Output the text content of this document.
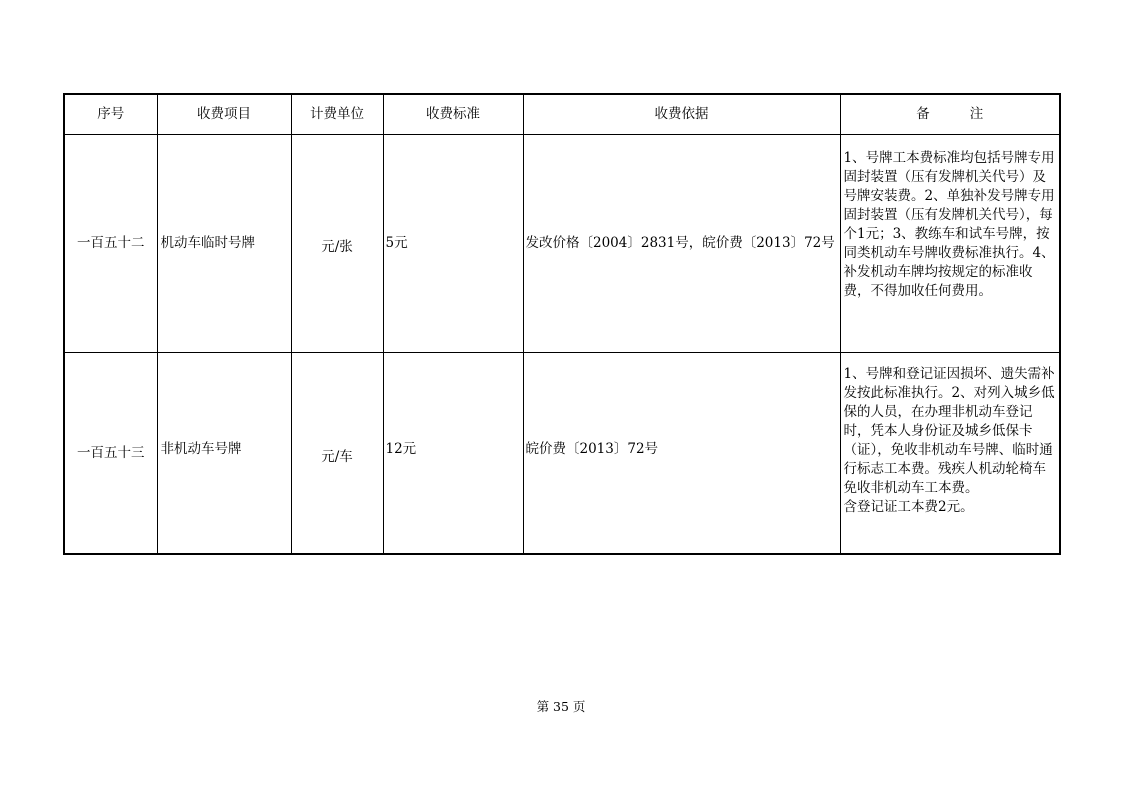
序号	收费项目	计费单位	收费标准	收费依据	备 注
一百五十二	机动车临时号牌	元/张	5元	发改价格〔2004〕2831号，皖价费〔2013〕72号	1、号牌工本费标准均包括号牌专用固封装置（压有发牌机关代号）及号牌安装费。2、单独补发号牌专用固封装置（压有发牌机关代号），每个1元；3、教练车和试车号牌，按同类机动车号牌收费标准执行。4、补发机动车牌均按规定的标准收费，不得加收任何费用。

一百五十三	非机动车号牌	元/车	12元	皖价费〔2013〕72号	1、号牌和登记证因损坏、遗失需补发按此标准执行。2、对列入城乡低保的人员，在办理非机动车登记时，凭本人身份证及城乡低保卡（证），免收非机动车号牌、临时通行标志工本费。残疾人机动轮椅车免收非机动车工本费。
含登记证工本费2元。
第 35 页
